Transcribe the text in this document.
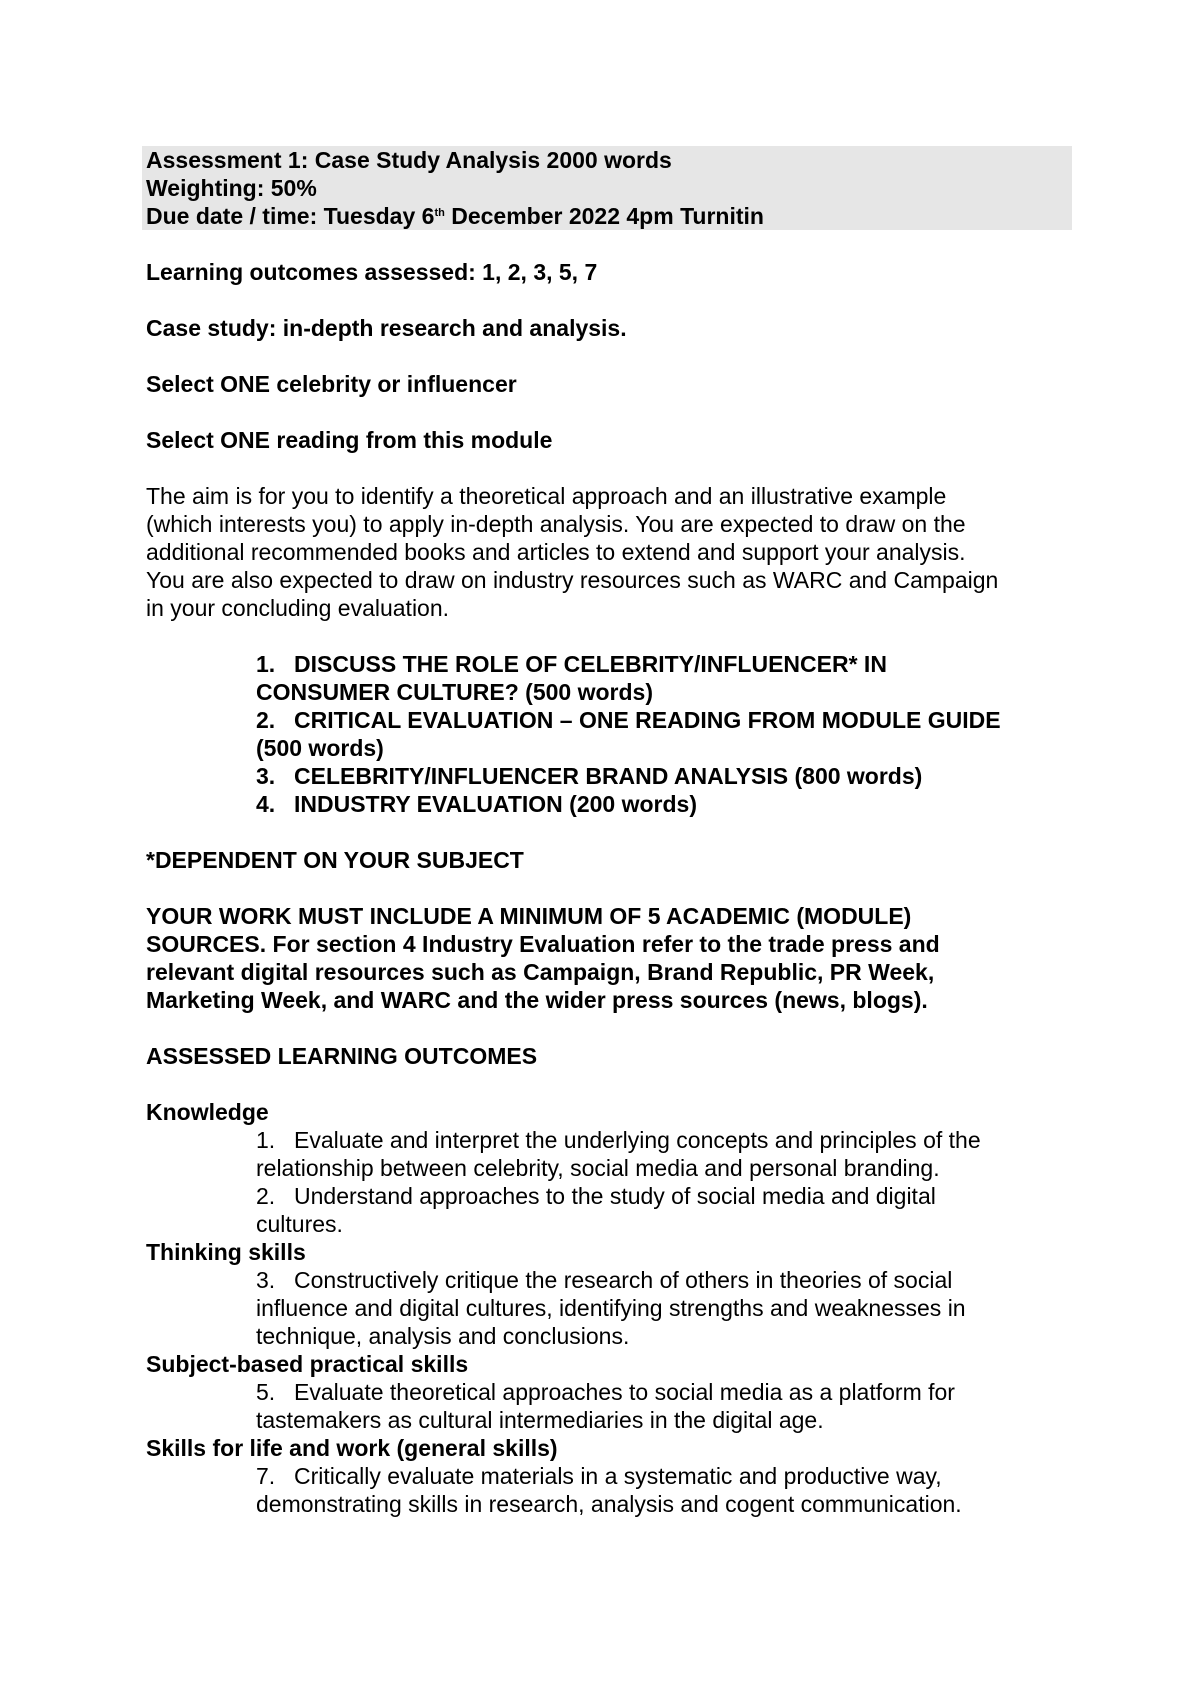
Assessment 1: Case Study Analysis 2000 words
Weighting: 50%
Due date / time: Tuesday 6th December 2022 4pm Turnitin
Learning outcomes assessed: 1, 2, 3, 5, 7
Case study: in-depth research and analysis.
Select ONE celebrity or influencer
Select ONE reading from this module
The aim is for you to identify a theoretical approach and an illustrative example
(which interests you) to apply in-depth analysis. You are expected to draw on the
additional recommended books and articles to extend and support your analysis.
You are also expected to draw on industry resources such as WARC and Campaign
in your concluding evaluation.
1. DISCUSS THE ROLE OF CELEBRITY/INFLUENCER* IN
CONSUMER CULTURE? (500 words)
2. CRITICAL EVALUATION – ONE READING FROM MODULE GUIDE
(500 words)
3. CELEBRITY/INFLUENCER BRAND ANALYSIS (800 words)
4. INDUSTRY EVALUATION (200 words)
*DEPENDENT ON YOUR SUBJECT
YOUR WORK MUST INCLUDE A MINIMUM OF 5 ACADEMIC (MODULE)
SOURCES. For section 4 Industry Evaluation refer to the trade press and
relevant digital resources such as Campaign, Brand Republic, PR Week,
Marketing Week, and WARC and the wider press sources (news, blogs).
ASSESSED LEARNING OUTCOMES
Knowledge
1. Evaluate and interpret the underlying concepts and principles of the
relationship between celebrity, social media and personal branding.
2. Understand approaches to the study of social media and digital
cultures.
Thinking skills
3. Constructively critique the research of others in theories of social
influence and digital cultures, identifying strengths and weaknesses in
technique, analysis and conclusions.
Subject-based practical skills
5. Evaluate theoretical approaches to social media as a platform for
tastemakers as cultural intermediaries in the digital age.
Skills for life and work (general skills)
7. Critically evaluate materials in a systematic and productive way,
demonstrating skills in research, analysis and cogent communication.
